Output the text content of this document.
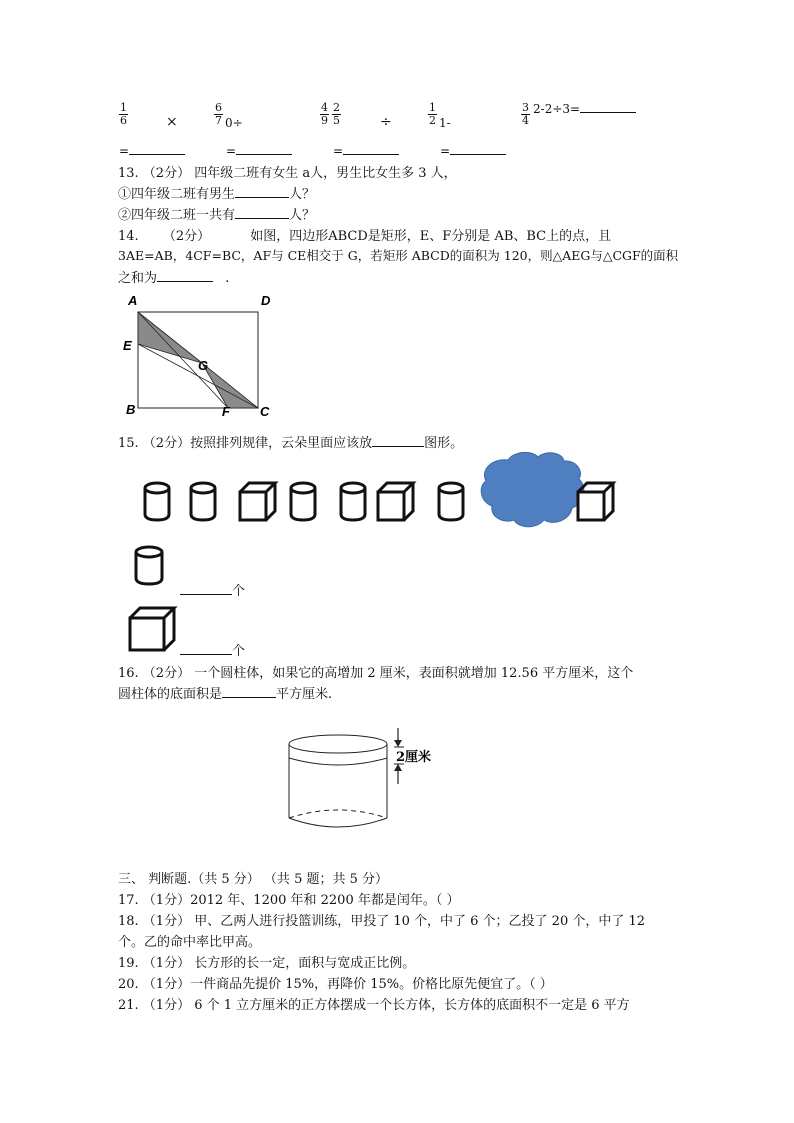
$\frac{1}{6}$	×	$\frac{6}{7} 0\div$	$\frac{4}{9} \frac{2}{5}$	÷	$\frac{1}{2} 1-$	$\frac{3}{4} 2-2\div 3=$
=	=	=	=
13. （2分） 四年级二班有女生 a人，男生比女生多 3 人，
①四年级二班有男生	人？
②四年级二班一共有	人？
14. （2分）	如图，四边形ABCD是矩形，E、F分别是 AB、BC上的点，且
3AE=AB，4CF=BC，AF与 CE相交于 G，若矩形 ABCD的面积为 120，则△AEG与△CGF的面积
之和为	.
A	D
E
G
B	F C
15. （2分）按照排列规律，云朵里面应该放	图形。
个
个
16. （2分） 一个圆柱体，如果它的高增加 2 厘米，表面积就增加 12.56 平方厘米，这个
圆柱体的底面积是	平方厘米.
2厘米
三、 判断题.（共 5 分） （共 5 题；共 5 分）
17. （1分）2012 年、1200 年和 2200 年都是闰年。（ ）
18. （1分） 甲、乙两人进行投篮训练，甲投了 10 个，中了 6 个；乙投了 20 个，中了 12
个。乙的命中率比甲高。
19. （1分） 长方形的长一定，面积与宽成正比例。
20. （1分）一件商品先提价 15%，再降价 15%。价格比原先便宜了。（ ）
21. （1分） 6 个 1 立方厘米的正方体摆成一个长方体，长方体的底面积不一定是 6 平方
